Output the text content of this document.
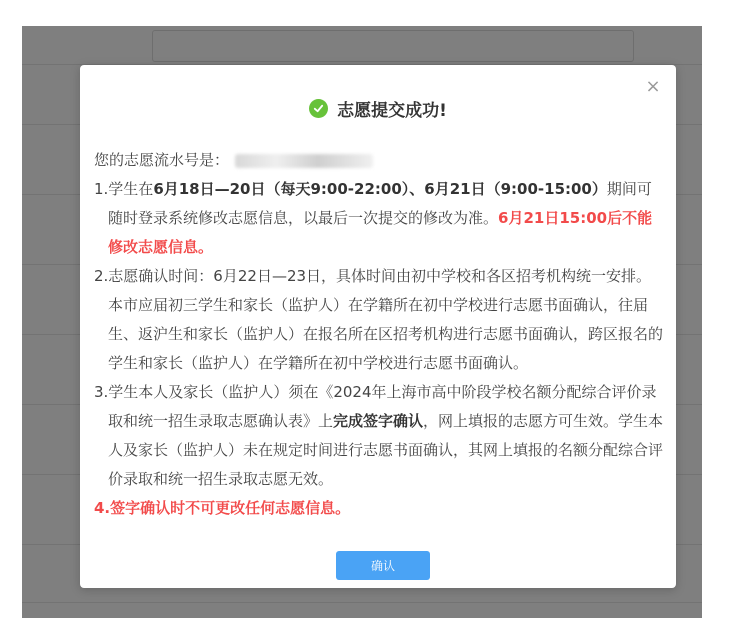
×
志愿提交成功!
您的志愿流水号是：
1.学生在6月18日—20日（每天9:00-22:00）、6月21日（9:00-15:00）期间可随时登录系统修改志愿信息，以最后一次提交的修改为准。6月21日15:00后不能修改志愿信息。
2.志愿确认时间：6月22日—23日，具体时间由初中学校和各区招考机构统一安排。本市应届初三学生和家长（监护人）在学籍所在初中学校进行志愿书面确认，往届生、返沪生和家长（监护人）在报名所在区招考机构进行志愿书面确认，跨区报名的学生和家长（监护人）在学籍所在初中学校进行志愿书面确认。
3.学生本人及家长（监护人）须在《2024年上海市高中阶段学校名额分配综合评价录取和统一招生录取志愿确认表》上完成签字确认，网上填报的志愿方可生效。学生本人及家长（监护人）未在规定时间进行志愿书面确认，其网上填报的名额分配综合评价录取和统一招生录取志愿无效。
4.签字确认时不可更改任何志愿信息。
确认
